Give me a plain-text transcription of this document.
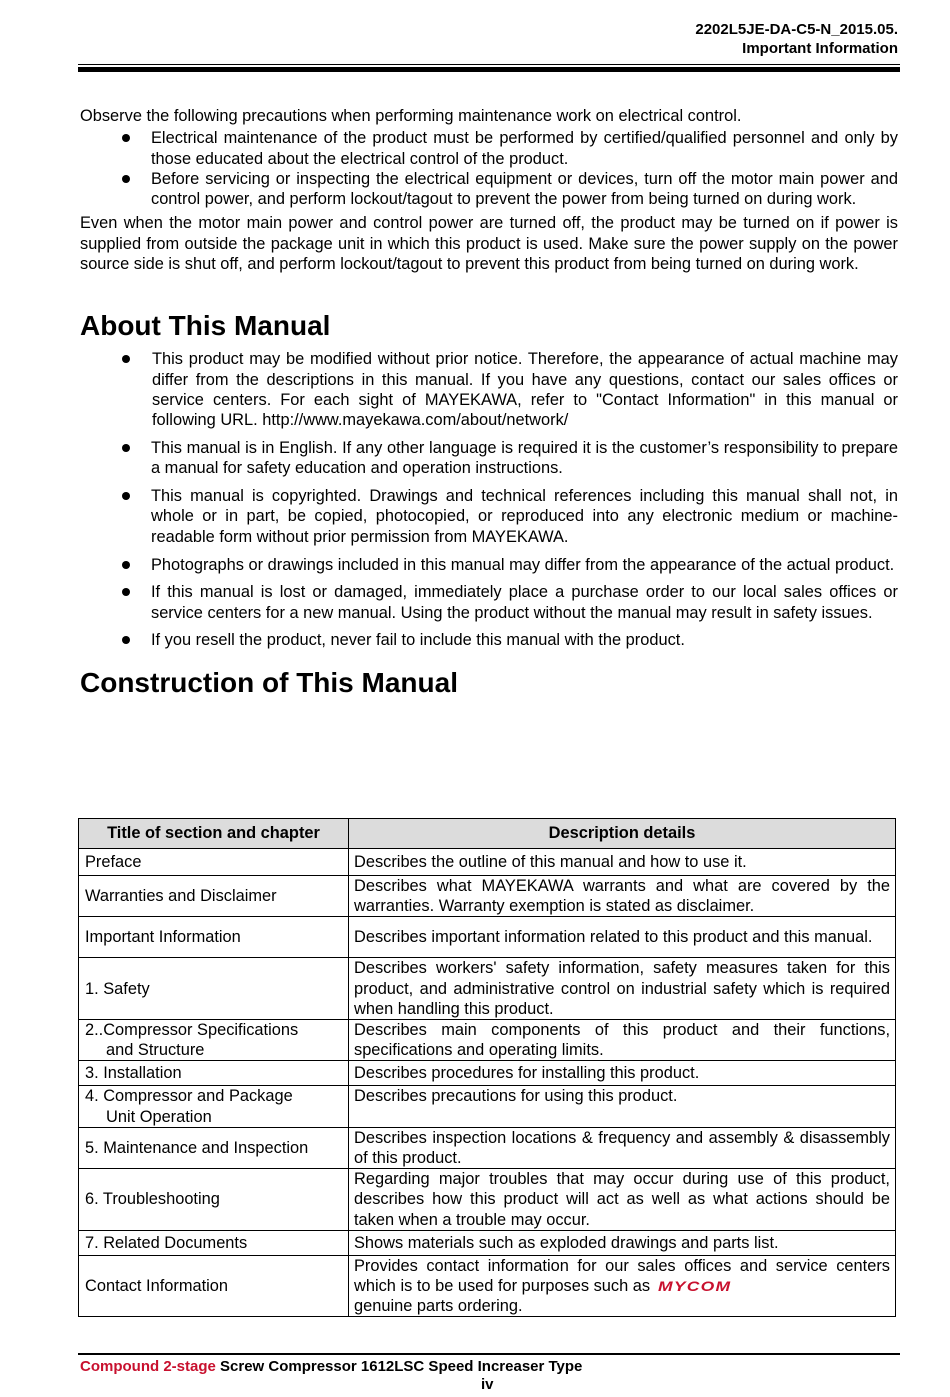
2202L5JE-DA-C5-N_2015.05.
Important Information

Observe the following precautions when performing maintenance work on electrical control.

Electrical maintenance of the product must be performed by certified/qualified personnel and only by those educated about the electrical control of the product.
Before servicing or inspecting the electrical equipment or devices, turn off the motor main power and control power, and perform lockout/tagout to prevent the power from being turned on during work.

Even when the motor main power and control power are turned off, the product may be turned on if power is supplied from outside the package unit in which this product is used. Make sure the power supply on the power source side is shut off, and perform lockout/tagout to prevent this product from being turned on during work.

About This Manual
This product may be modified without prior notice. Therefore, the appearance of actual machine may differ from the descriptions in this manual. If you have any questions, contact our sales offices or service centers. For each sight of MAYEKAWA, refer to "Contact Information" in this manual or following URL. http://www.mayekawa.com/about/network/
This manual is in English. If any other language is required it is the customer’s responsibility to prepare a manual for safety education and operation instructions.
This manual is copyrighted. Drawings and technical references including this manual shall not, in whole or in part, be copied, photocopied, or reproduced into any electronic medium or machine-readable form without prior permission from MAYEKAWA.
Photographs or drawings included in this manual may differ from the appearance of the actual product.
If this manual is lost or damaged, immediately place a purchase order to our local sales offices or service centers for a new manual. Using the product without the manual may result in safety issues.
If you resell the product, never fail to include this manual with the product.
Construction of This Manual
Title of section and chapter	Description details
Preface	Describes the outline of this manual and how to use it.
Warranties and Disclaimer	Describes what MAYEKAWA warrants and what are covered by the warranties. Warranty exemption is stated as disclaimer.
Important Information	Describes important information related to this product and this manual.
1. Safety	Describes workers' safety information, safety measures taken for this product, and administrative control on industrial safety which is required when handling this product.

2..Compressor Specifications
and Structure	Describes main components of this product and their functions, specifications and operating limits.
3. Installation	Describes procedures for installing this product.

4. Compressor and Package
Unit Operation	Describes precautions for using this product.
5. Maintenance and Inspection	Describes inspection locations & frequency and assembly & disassembly of this product.
6. Troubleshooting	Regarding major troubles that may occur during use of this product, describes how this product will act as well as what actions should be taken when a trouble may occur.
7. Related Documents	Shows materials such as exploded drawings and parts list.
Contact Information	Provides contact information for our sales offices and service centers which is to be used for purposes such as MYCOM
genuine parts ordering.
Compound 2-stage Screw Compressor 1612LSC Speed Increaser Type
iv
